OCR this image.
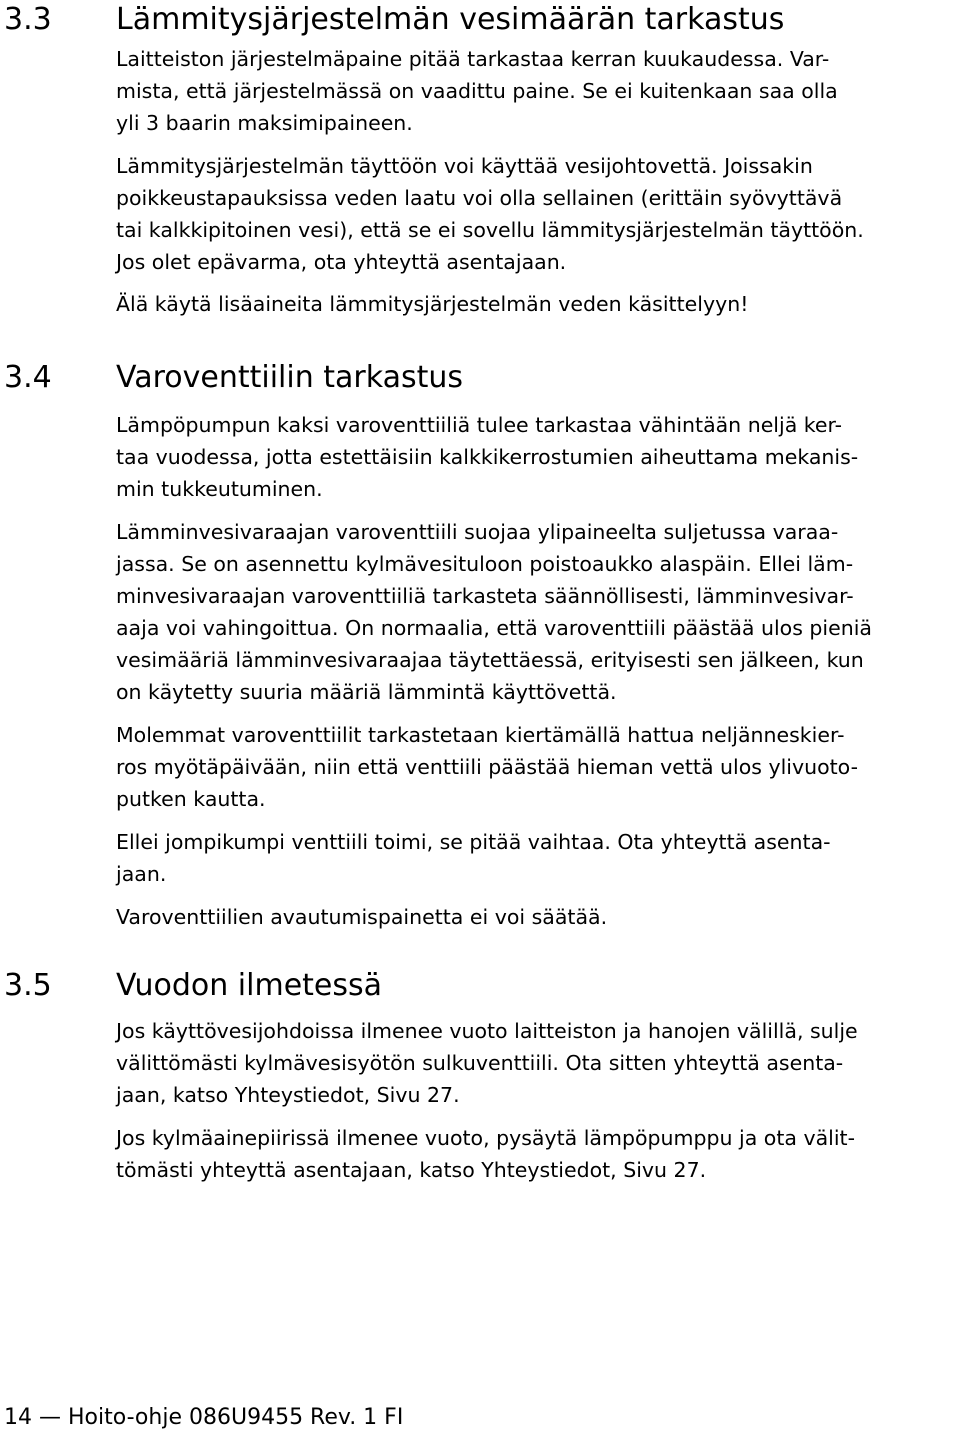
3.3 Lämmitysjärjestelmän vesimäärän tarkastus

Laitteiston järjestelmäpaine pitää tarkastaa kerran kuukaudessa. Var-
mista, että järjestelmässä on vaadittu paine. Se ei kuitenkaan saa olla
yli 3 baarin maksimipaineen.

Lämmitysjärjestelmän täyttöön voi käyttää vesijohtovettä. Joissakin
poikkeustapauksissa veden laatu voi olla sellainen (erittäin syövyttävä
tai kalkkipitoinen vesi), että se ei sovellu lämmitysjärjestelmän täyttöön.
Jos olet epävarma, ota yhteyttä asentajaan.

Älä käytä lisäaineita lämmitysjärjestelmän veden käsittelyyn!

3.4 Varoventtiilin tarkastus

Lämpöpumpun kaksi varoventtiiliä tulee tarkastaa vähintään neljä ker-
taa vuodessa, jotta estettäisiin kalkkikerrostumien aiheuttama mekanis-
min tukkeutuminen.

Lämminvesivaraajan varoventtiili suojaa ylipaineelta suljetussa varaa-
jassa. Se on asennettu kylmävesituloon poistoaukko alaspäin. Ellei läm-
minvesivaraajan varoventtiiliä tarkasteta säännöllisesti, lämminvesivar-
aaja voi vahingoittua. On normaalia, että varoventtiili päästää ulos pieniä
vesimääriä lämminvesivaraajaa täytettäessä, erityisesti sen jälkeen, kun
on käytetty suuria määriä lämmintä käyttövettä.

Molemmat varoventtiilit tarkastetaan kiertämällä hattua neljänneskier-
ros myötäpäivään, niin että venttiili päästää hieman vettä ulos ylivuoto-
putken kautta.

Ellei jompikumpi venttiili toimi, se pitää vaihtaa. Ota yhteyttä asenta-
jaan.

Varoventtiilien avautumispainetta ei voi säätää.

3.5 Vuodon ilmetessä

Jos käyttövesijohdoissa ilmenee vuoto laitteiston ja hanojen välillä, sulje
välittömästi kylmävesisyötön sulkuventtiili. Ota sitten yhteyttä asenta-
jaan, katso Yhteystiedot, Sivu 27.

Jos kylmäainepiirissä ilmenee vuoto, pysäytä lämpöpumppu ja ota välit-
tömästi yhteyttä asentajaan, katso Yhteystiedot, Sivu 27.

14 — Hoito-ohje 086U9455 Rev. 1 FI
